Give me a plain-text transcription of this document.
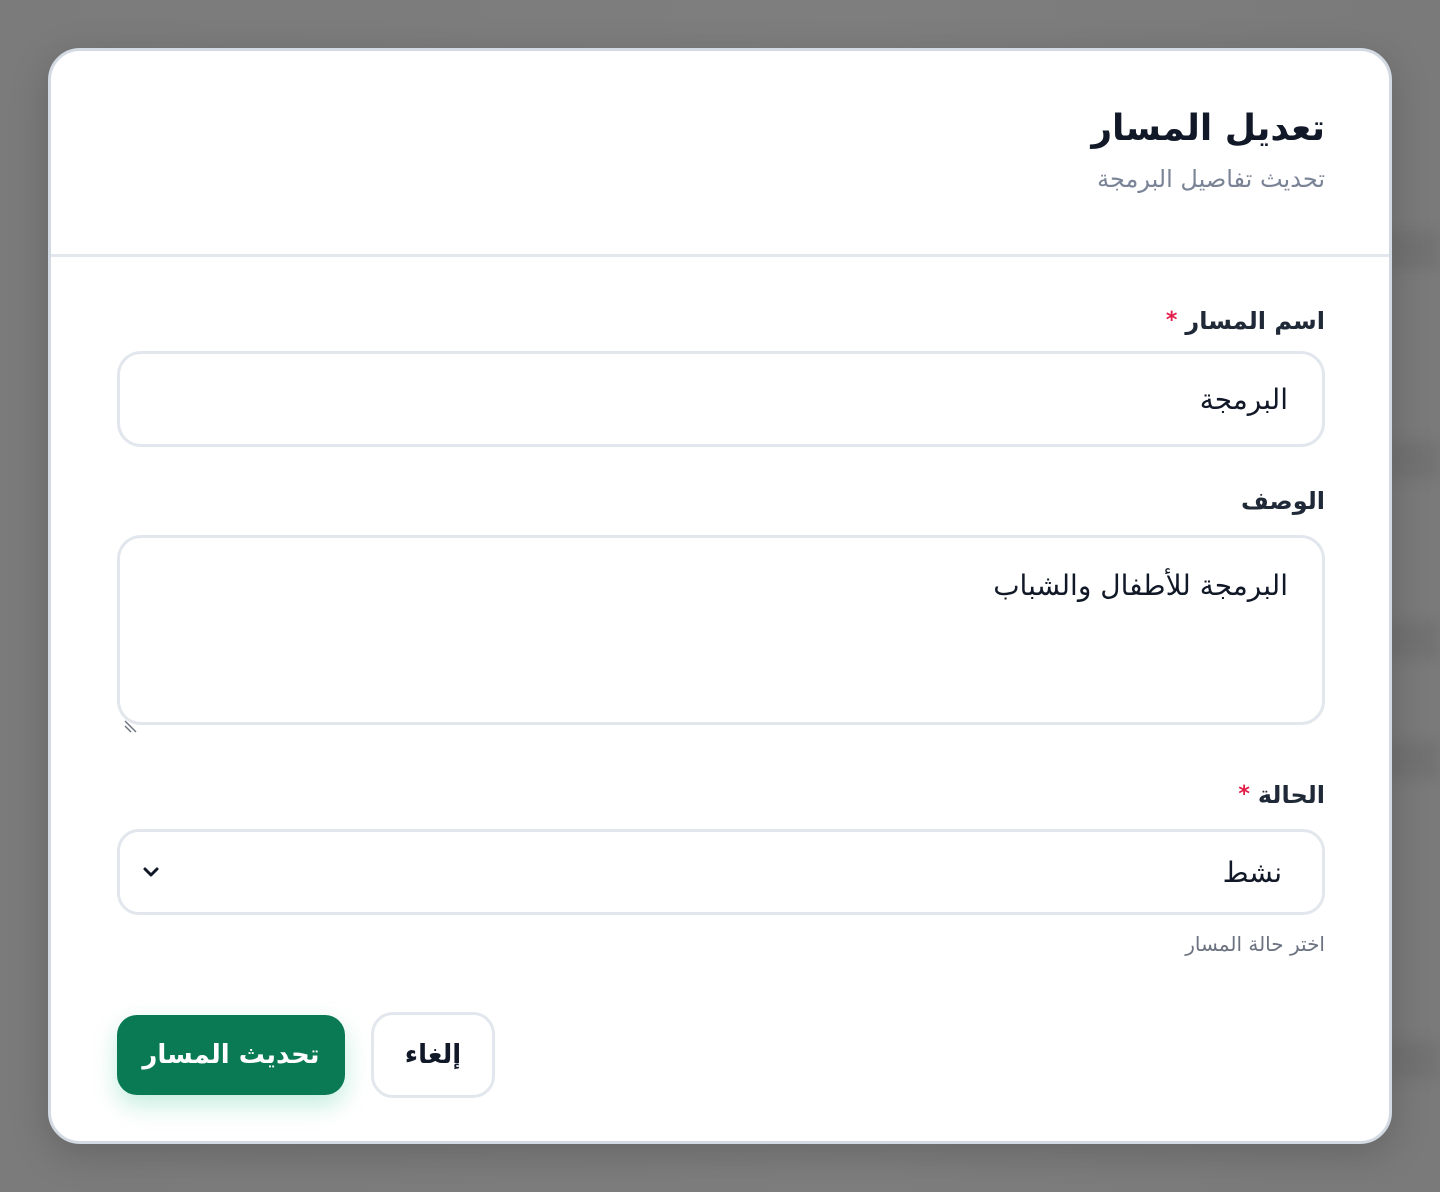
تعديل المسار

تحديث تفاصيل البرمجة

اسم المسار
*
البرمجة
الوصف
البرمجة للأطفال والشباب
الحالة
*
نشط

اختر حالة المسار

تحديث المسار	إلغاء
